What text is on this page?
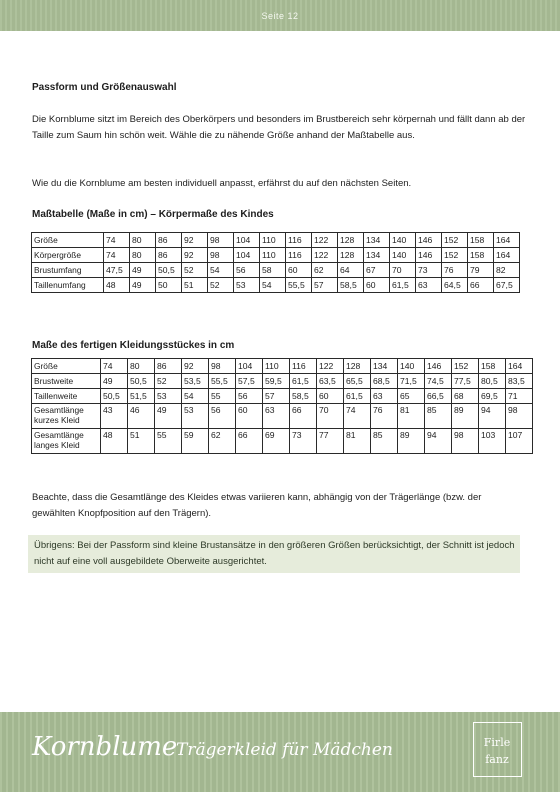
Seite 12
Passform und Größenauswahl
Die Kornblume sitzt im Bereich des Oberkörpers und besonders im Brustbereich sehr körpernah und fällt dann ab der Taille zum Saum hin schön weit. Wähle die zu nähende Größe anhand der Maßtabelle aus.
Wie du die Kornblume am besten individuell anpasst, erfährst du auf den nächsten Seiten.
Maßtabelle (Maße in cm) – Körpermaße des Kindes
Größe	74	80	86	92	98	104	110	116	122	128	134	140	146	152	158	164
Körpergröße	74	80	86	92	98	104	110	116	122	128	134	140	146	152	158	164
Brustumfang	47,5	49	50,5	52	54	56	58	60	62	64	67	70	73	76	79	82
Taillenumfang	48	49	50	51	52	53	54	55,5	57	58,5	60	61,5	63	64,5	66	67,5
Maße des fertigen Kleidungsstückes in cm
Größe	74	80	86	92	98	104	110	116	122	128	134	140	146	152	158	164
Brustweite	49	50,5	52	53,5	55,5	57,5	59,5	61,5	63,5	65,5	68,5	71,5	74,5	77,5	80,5	83,5
Taillenweite	50,5	51,5	53	54	55	56	57	58,5	60	61,5	63	65	66,5	68	69,5	71
Gesamtlänge kurzes Kleid	43	46	49	53	56	60	63	66	70	74	76	81	85	89	94	98
Gesamtlänge langes Kleid	48	51	55	59	62	66	69	73	77	81	85	89	94	98	103	107
Beachte, dass die Gesamtlänge des Kleides etwas variieren kann, abhängig von der Trägerlänge (bzw. der gewählten Knopfposition auf den Trägern).
Übrigens: Bei der Passform sind kleine Brustansätze in den größeren Größen berücksichtigt, der Schnitt ist jedoch nicht auf eine voll ausgebildete Oberweite ausgerichtet.
Kornblume
Trägerkleid für Mädchen	Firle
fanz
